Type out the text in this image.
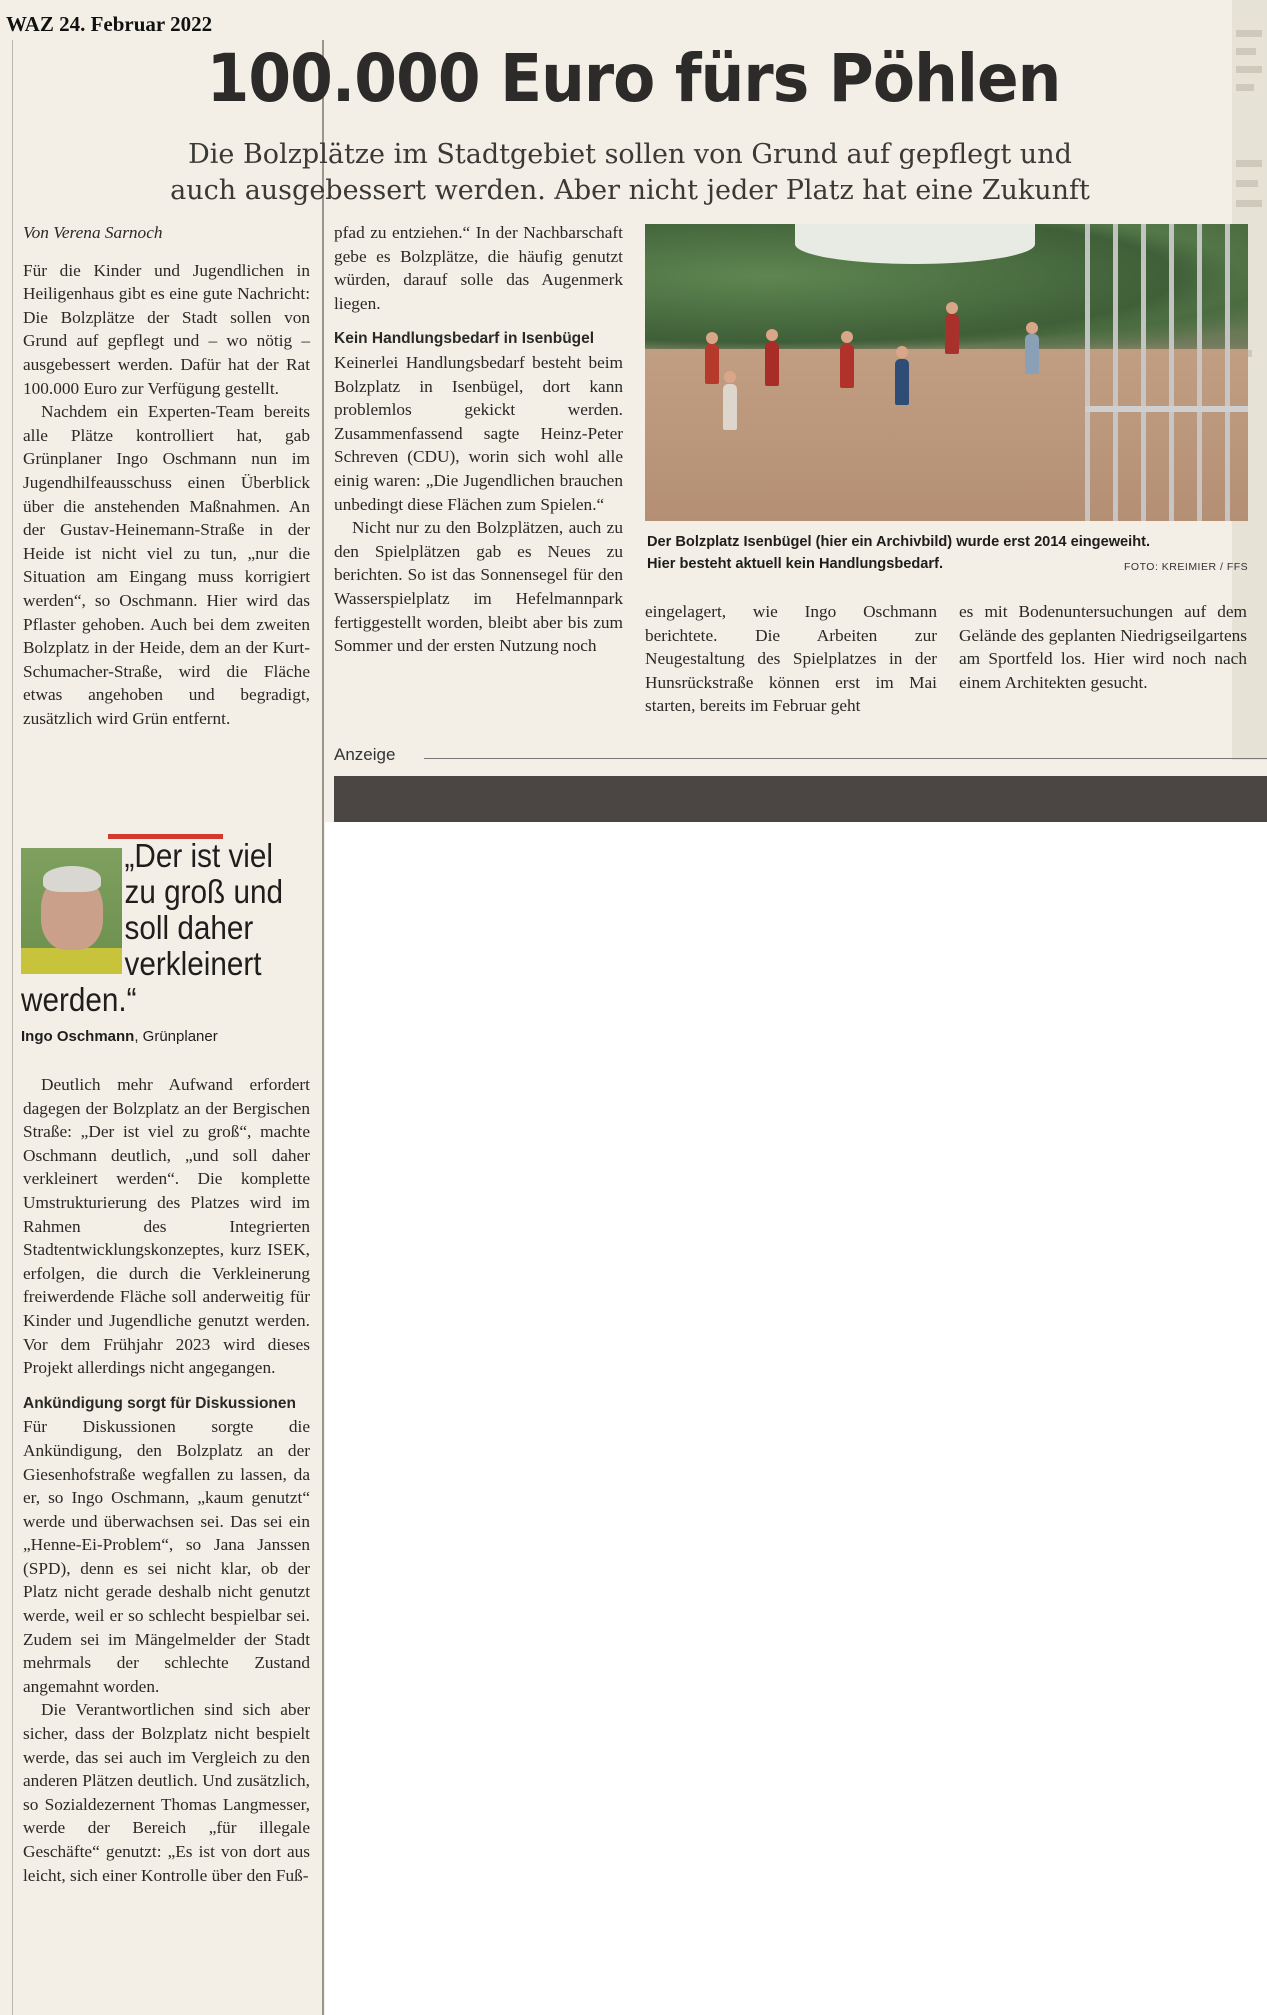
WAZ 24. Februar 2022
100.000 Euro fürs Pöhlen
Die Bolzplätze im Stadtgebiet sollen von Grund auf gepflegt und
auch ausgebessert werden. Aber nicht jeder Platz hat eine Zukunft

Von Verena Sarnoch

Für die Kinder und Jugendlichen in Heiligenhaus gibt es eine gute Nachricht: Die Bolzplätze der Stadt sollen von Grund auf gepflegt und – wo nötig – ausgebessert werden. Dafür hat der Rat 100.000 Euro zur Verfügung gestellt.

Nachdem ein Experten-Team bereits alle Plätze kontrolliert hat, gab Grünplaner Ingo Oschmann nun im Jugendhilfeausschuss einen Überblick über die anstehenden Maßnahmen. An der Gustav-Heinemann-Straße in der Heide ist nicht viel zu tun, „nur die Situation am Eingang muss korrigiert werden“, so Oschmann. Hier wird das Pflaster gehoben. Auch bei dem zweiten Bolzplatz in der Heide, dem an der Kurt-Schumacher-Straße, wird die Fläche etwas angehoben und begradigt, zusätzlich wird Grün entfernt.

pfad zu entziehen.“ In der Nachbarschaft gebe es Bolzplätze, die häufig genutzt würden, darauf solle das Augenmerk liegen.

Kein Handlungsbedarf in Isenbügel

Keinerlei Handlungsbedarf besteht beim Bolzplatz in Isenbügel, dort kann problemlos gekickt werden. Zusammenfassend sagte Heinz-Peter Schreven (CDU), worin sich wohl alle einig waren: „Die Jugendlichen brauchen unbedingt diese Flächen zum Spielen.“

Nicht nur zu den Bolzplätzen, auch zu den Spielplätzen gab es Neues zu berichten. So ist das Sonnensegel für den Wasserspielplatz im Hefelmannpark fertiggestellt worden, bleibt aber bis zum Sommer und der ersten Nutzung noch

Der Bolzplatz Isenbügel (hier ein Archivbild) wurde erst 2014 eingeweiht.
Hier besteht aktuell kein Handlungsbedarf.	FOTO: KREIMIER / FFS

eingelagert, wie Ingo Oschmann berichtete. Die Arbeiten zur Neugestaltung des Spielplatzes in der Hunsrückstraße können erst im Mai starten, bereits im Februar geht

es mit Bodenuntersuchungen auf dem Gelände des geplanten Niedrigseilgartens am Sportfeld los. Hier wird noch nach einem Architekten gesucht.

Anzeige
„Der ist viel
zu groß und
soll daher
verkleinert
werden.“
Ingo Oschmann, Grünplaner

Deutlich mehr Aufwand erfordert dagegen der Bolzplatz an der Bergischen Straße: „Der ist viel zu groß“, machte Oschmann deutlich, „und soll daher verkleinert werden“. Die komplette Umstrukturierung des Platzes wird im Rahmen des Integrierten Stadtentwicklungskonzeptes, kurz ISEK, erfolgen, die durch die Verkleinerung freiwerdende Fläche soll anderweitig für Kinder und Jugendliche genutzt werden. Vor dem Frühjahr 2023 wird dieses Projekt allerdings nicht angegangen.

Ankündigung sorgt für Diskussionen

Für Diskussionen sorgte die Ankündigung, den Bolzplatz an der Giesenhofstraße wegfallen zu lassen, da er, so Ingo Oschmann, „kaum genutzt“ werde und überwachsen sei. Das sei ein „Henne-Ei-Problem“, so Jana Janssen (SPD), denn es sei nicht klar, ob der Platz nicht gerade deshalb nicht genutzt werde, weil er so schlecht bespielbar sei. Zudem sei im Mängelmelder der Stadt mehrmals der schlechte Zustand angemahnt worden.

Die Verantwortlichen sind sich aber sicher, dass der Bolzplatz nicht bespielt werde, das sei auch im Vergleich zu den anderen Plätzen deutlich. Und zusätzlich, so Sozialdezernent Thomas Langmesser, werde der Bereich „für illegale Geschäfte“ genutzt: „Es ist von dort aus leicht, sich einer Kontrolle über den Fuß-
